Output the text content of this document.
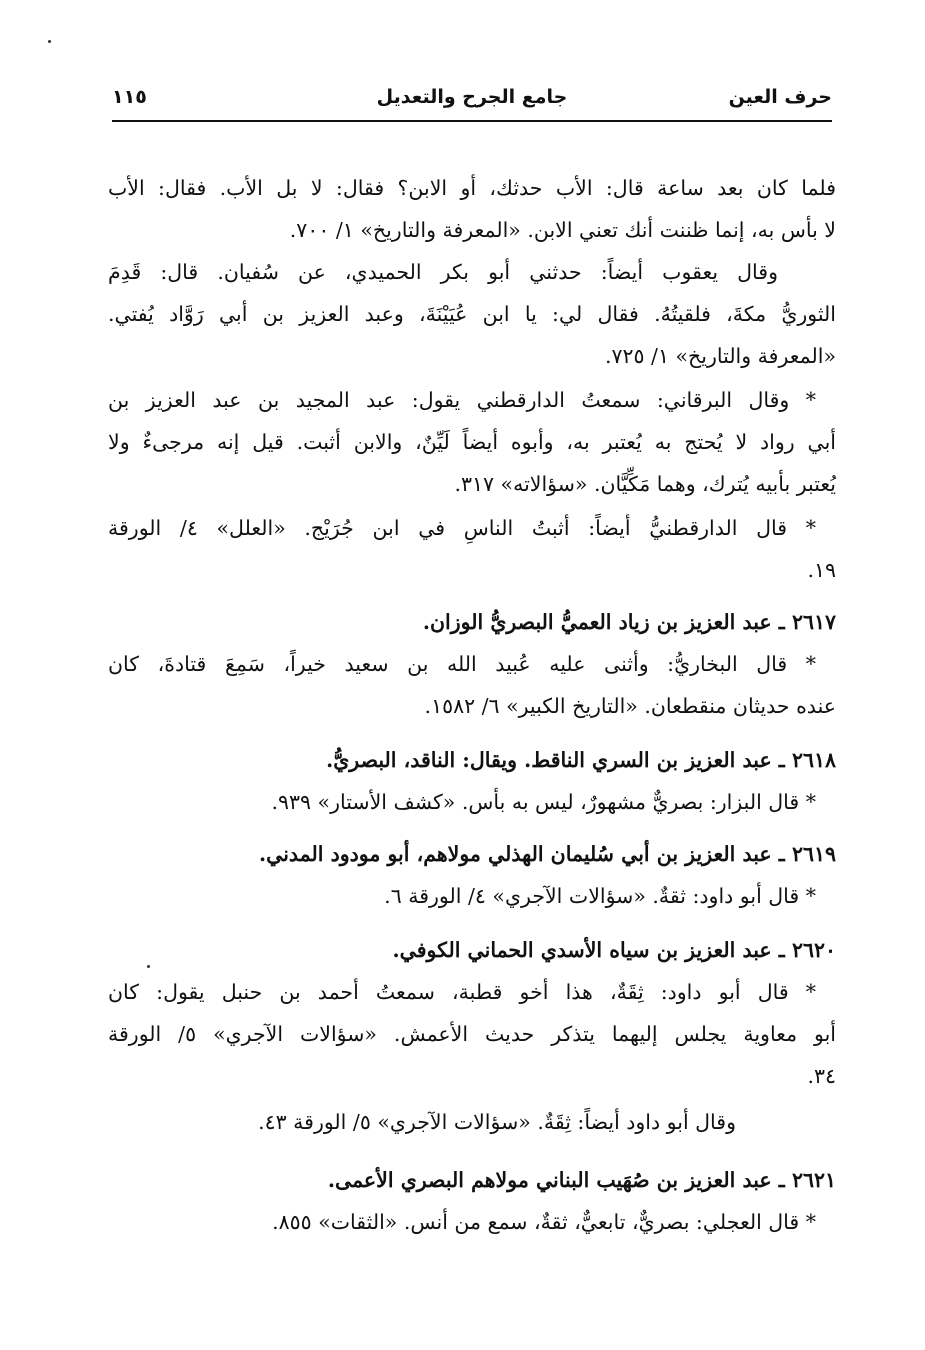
حرف العين
جامع الجرح والتعديل
١١٥
فلما كان بعد ساعة قال: الأب حدثك، أو الابن؟ فقال: لا بل الأب. فقال: الأب
لا بأس به، إنما ظننت أنك تعني الابن. «المعرفة والتاريخ» ١/ ٧٠٠.
وقال يعقوب أيضاً: حدثني أبو بكر الحميدي، عن سُفيان. قال: قَدِمَ
الثوريُّ مكةَ، فلقيتُهُ. فقال لي: يا ابن عُيَيْنَةَ، وعبد العزيز بن أبي رَوَّاد يُفتي.
«المعرفة والتاريخ» ١/ ٧٢٥.
* وقال البرقاني: سمعتُ الدارقطني يقول: عبد المجيد بن عبد العزيز بن
أبي رواد لا يُحتج به يُعتبر به، وأبوه أيضاً لَيِّنٌ، والابن أثبت. قيل إنه مرجىءٌ ولا
يُعتبر بأبيه يُترك، وهما مَكِّيَّان. «سؤالاته» ٣١٧.
* قال الدارقطنيُّ أيضاً: أثبتُ الناسِ في ابن جُرَيْج. «العلل» ٤/ الورقة
١٩.
٢٦١٧ ـ عبد العزيز بن زياد العميُّ البصريُّ الوزان.
* قال البخاريُّ: وأثنى عليه عُبيد الله بن سعيد خيراً، سَمِعَ قتادةَ، كان
عنده حديثان منقطعان. «التاريخ الكبير» ٦/ ١٥٨٢.
٢٦١٨ ـ عبد العزيز بن السري الناقط. ويقال: الناقد، البصريُّ.
* قال البزار: بصريٌّ مشهورٌ، ليس به بأس. «كشف الأستار» ٩٣٩.
٢٦١٩ ـ عبد العزيز بن أبي سُليمان الهذلي مولاهم، أبو مودود المدني.
* قال أبو داود: ثقةٌ. «سؤالات الآجري» ٤/ الورقة ٦.
٢٦٢٠ ـ عبد العزيز بن سياه الأسدي الحماني الكوفي.
* قال أبو داود: ثِقَةٌ، هذا أخو قطبة، سمعتُ أحمد بن حنبل يقول: كان
أبو معاوية يجلس إليهما يتذكر حديث الأعمش. «سؤالات الآجري» ٥/ الورقة
٣٤.
وقال أبو داود أيضاً: ثِقَةٌ. «سؤالات الآجري» ٥/ الورقة ٤٣.
٢٦٢١ ـ عبد العزيز بن صُهَيب البناني مولاهم البصري الأعمى.
* قال العجلي: بصريٌّ، تابعيٌّ، ثقةٌ، سمع من أنس. «الثقات» ٨٥٥.
